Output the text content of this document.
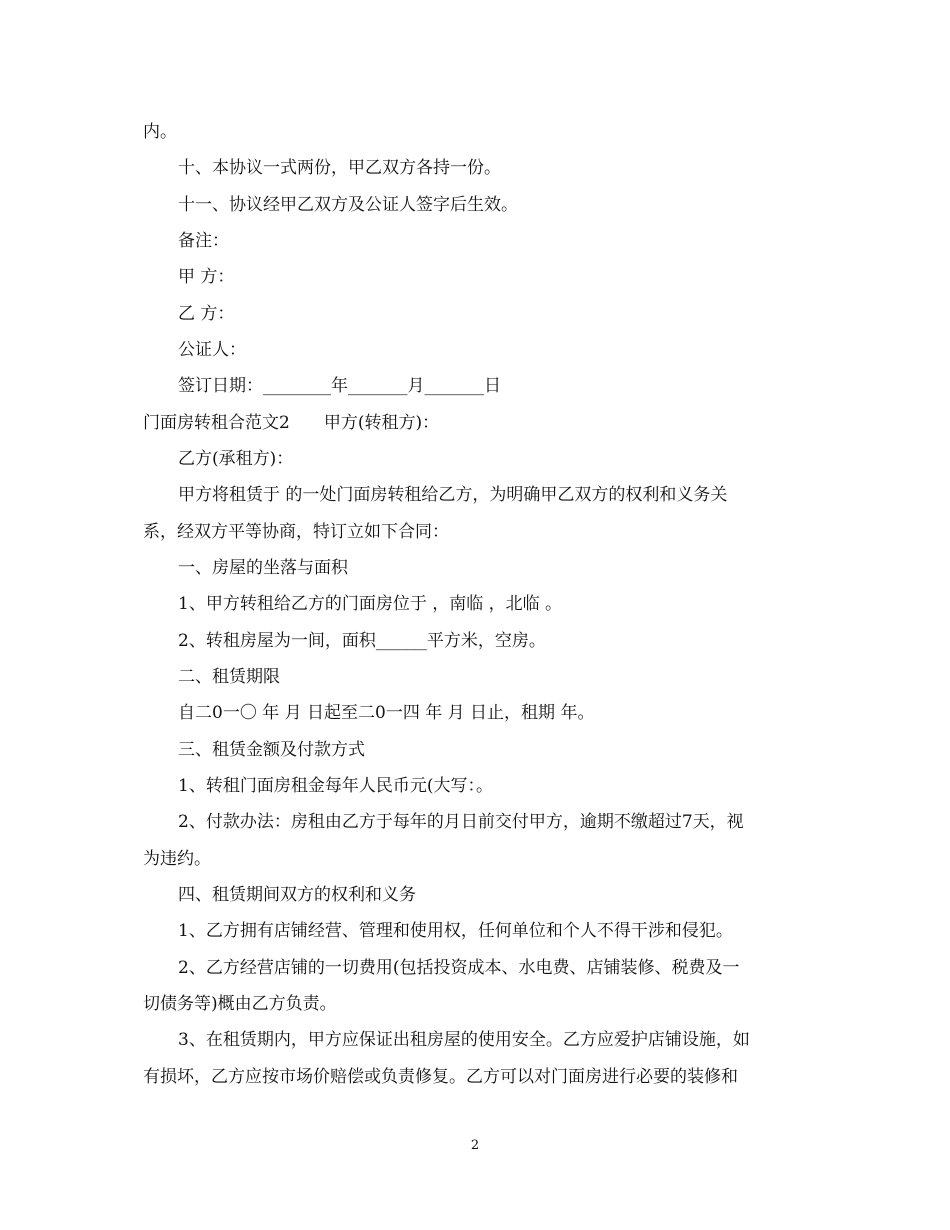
内。
十、本协议一式两份，甲乙双方各持一份。
十一、协议经甲乙双方及公证人签字后生效。
备注：
甲 方：
乙 方：
公证人：
签订日期：________年_______月_______日
门面房转租合范文2　　甲方(转租方)：
乙方(承租方)：
甲方将租赁于 的一处门面房转租给乙方，为明确甲乙双方的权利和义务关
系，经双方平等协商，特订立如下合同：
一、房屋的坐落与面积
1、甲方转租给乙方的门面房位于 ，南临 ，北临 。
2、转租房屋为一间，面积______平方米，空房。
二、租赁期限
自二0一〇 年 月 日起至二0一四 年 月 日止，租期 年。
三、租赁金额及付款方式
1、转租门面房租金每年人民币元(大写：。
2、付款办法：房租由乙方于每年的月日前交付甲方，逾期不缴超过7天，视
为违约。
四、租赁期间双方的权利和义务
1、乙方拥有店铺经营、管理和使用权，任何单位和个人不得干涉和侵犯。
2、乙方经营店铺的一切费用(包括投资成本、水电费、店铺装修、税费及一
切债务等)概由乙方负责。
3、在租赁期内，甲方应保证出租房屋的使用安全。乙方应爱护店铺设施，如
有损坏，乙方应按市场价赔偿或负责修复。乙方可以对门面房进行必要的装修和
2
